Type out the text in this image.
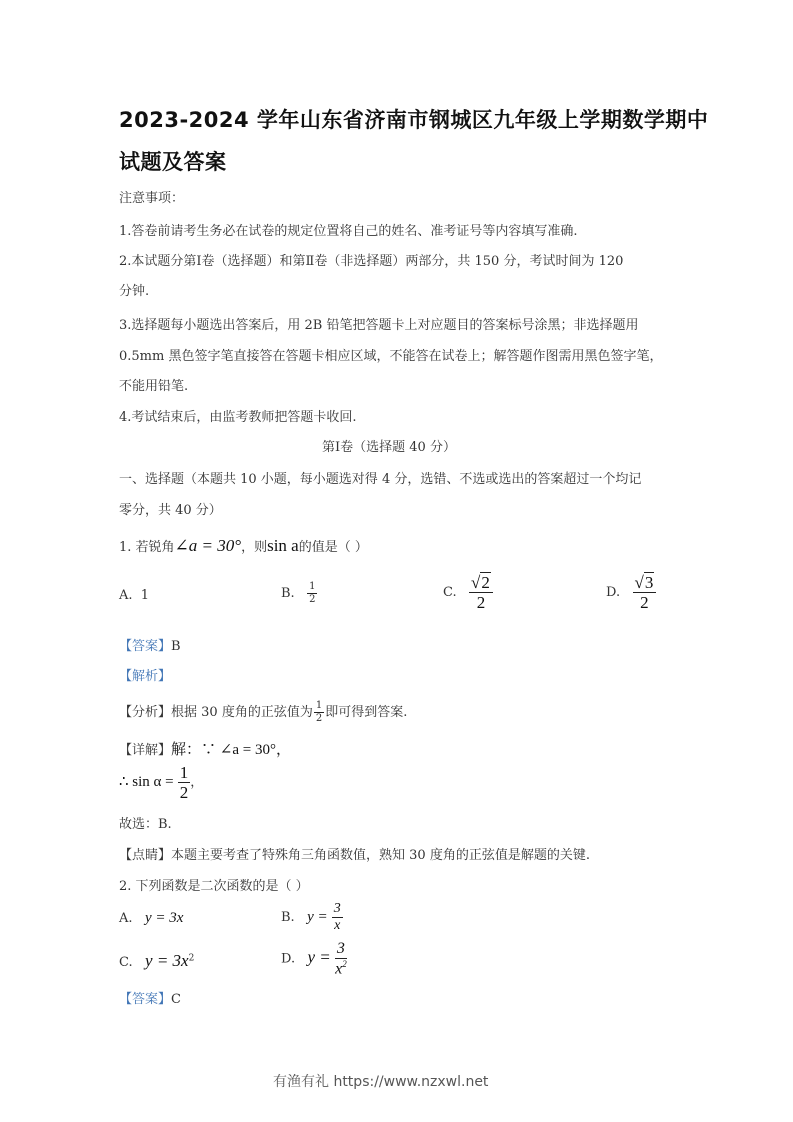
2023-2024 学年山东省济南市钢城区九年级上学期数学期中
试题及答案
注意事项：
1.答卷前请考生务必在试卷的规定位置将自己的姓名、准考证号等内容填写准确.
2.本试题分第Ⅰ卷（选择题）和第Ⅱ卷（非选择题）两部分，共 150 分，考试时间为 120
分钟.
3.选择题每小题选出答案后，用 2B 铅笔把答题卡上对应题目的答案标号涂黑；非选择题用
0.5mm 黑色签字笔直接答在答题卡相应区域，不能答在试卷上；解答题作图需用黑色签字笔，
不能用铅笔.
4.考试结束后，由监考教师把答题卡收回.
第Ⅰ卷（选择题 40 分）
一、选择题（本题共 10 小题，每小题选对得 4 分，选错、不选或选出的答案超过一个均记
零分，共 40 分）
1. 若锐角∠a = 30°，则sin a的值是（ ）
A. 1	B. $\frac{1}{2}$	C. $\frac{√2}{2}$	D. $\frac{√3}{2}$
【答案】B
【解析】
【分析】根据 30 度角的正弦值为 $\frac{1}{2}$ 即可得到答案.
【详解】解：∵ ∠a = 30°，
∴ $\sin \alpha = \frac{1}{2}$ ，
故选：B.
【点睛】本题主要考查了特殊角三角函数值，熟知 30 度角的正弦值是解题的关键.
2. 下列函数是二次函数的是（ ）
A. y = 3x	B. $y = \frac{3}{x}$
C. $y = 3x^2$	D. $y = \frac{3}{x^2}$
【答案】C
有渔有礼 https://www.nzxwl.net
